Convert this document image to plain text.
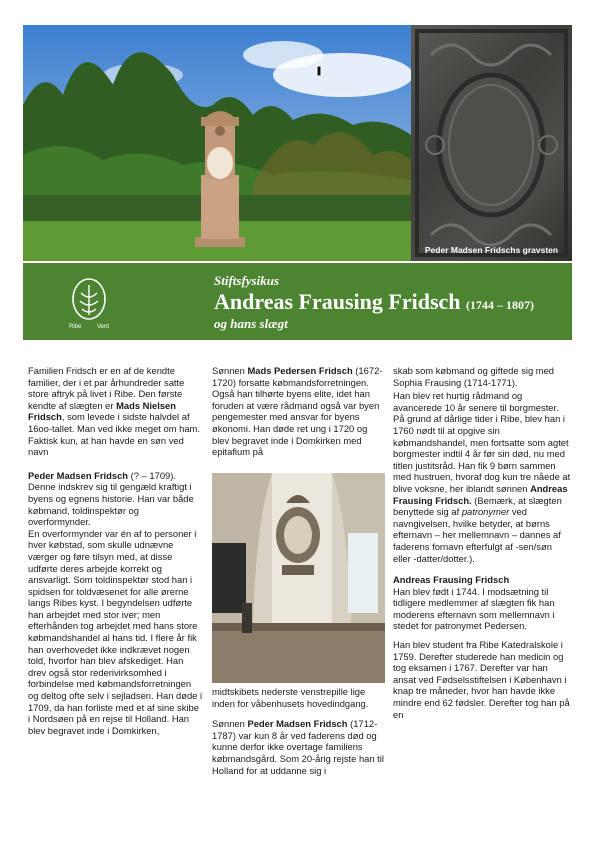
Peder Madsen Fridschs gravsten
Ribe	Vent
Stiftsfysikus
Andreas Frausing Fridsch (1744 – 1807)
og hans slægt

Familien Fridsch er en af de kendte familier, der i et par århundreder satte store aftryk på livet i Ribe. Den første kendte af slægten er Mads Nielsen Fridsch, som levede i sidste halvdel af 16oo-tallet. Man ved ikke meget om ham. Faktisk kun, at han havde en søn ved navn

Peder Madsen Fridsch (? – 1709). Denne indskrev sig til gengæld kraftigt i byens og egnens historie. Han var både købmand, toldinspektør og overformynder.

En overformynder var én af to personer i hver købstad, som skulle udnævne værger og føre tilsyn med, at disse udførte deres arbejde korrekt og ansvarligt. Som toldinspektør stod han i spidsen for toldvæsenet for alle ørerne langs Ribes kyst. I begyndelsen udførte han arbejdet med stor iver; men efterhånden tog arbejdet med hans store købmandshandel al hans tid. I flere år fik han overhovedet ikke indkrævet nogen told, hvorfor han blev afskediget. Han drev også stor rederivirksomhed i forbindelse med købmandsforretningen og deltog ofte selv i sejladsen. Han døde i 1709, da han forliste med et af sine skibe i Nordsøen på en rejse til Holland. Han blev begravet inde i Domkirken,

Sønnen Mads Pedersen Fridsch (1672-1720) forsatte købmandsforretningen. Også han tilhørte byens elite, idet han foruden at være rådmand også var byen pengemester med ansvar for byens økonomi. Han døde ret ung i 1720 og blev begravet inde i Domkirken med epitafium på

midtskibets nederste venstrepille lige inden for våbenhusets hovedindgang.

Sønnen Peder Madsen Fridsch (1712-1787) var kun 8 år ved faderens død og kunne derfor ikke overtage familiens købmandsgård. Som 20-årig rejste han til Holland for at uddanne sig i

skab som købmand og giftede sig med Sophia Frausing (1714-1771).

Han blev ret hurtig rådmand og avancerede 10 år senere til borgmester. På grund af dårlige tider i Ribe, blev han i 1760 nødt til at opgive sin købmandshandel, men fortsatte som agtet borgmester indtil 4 år før sin død, nu med titlen justitsråd. Han fik 9 børn sammen med hustruen, hvoraf dog kun tre nåede at blive voksne, her iblandt sønnen Andreas Frausing Fridsch. (Bemærk, at slægten benyttede sig af patronymer ved navngivelsen, hvilke betyder, at børns efternavn – her mellemnavn – dannes af faderens fornavn efterfulgt af -sen/søn eller -datter/dotter.).

Andreas Frausing Fridsch

Han blev født i 1744. I modsætning til tidligere medlemmer af slægten fik han moderens efternavn som mellemnavn i stedet for patronymet Pedersen.

Han blev student fra Ribe Katedralskole i 1759. Derefter studerede han medicin og tog eksamen i 1767. Derefter var han ansat ved Fødselsstiftelsen i København i knap tre måneder, hvor han havde ikke mindre end 62 fødsler. Derefter tog han på en
